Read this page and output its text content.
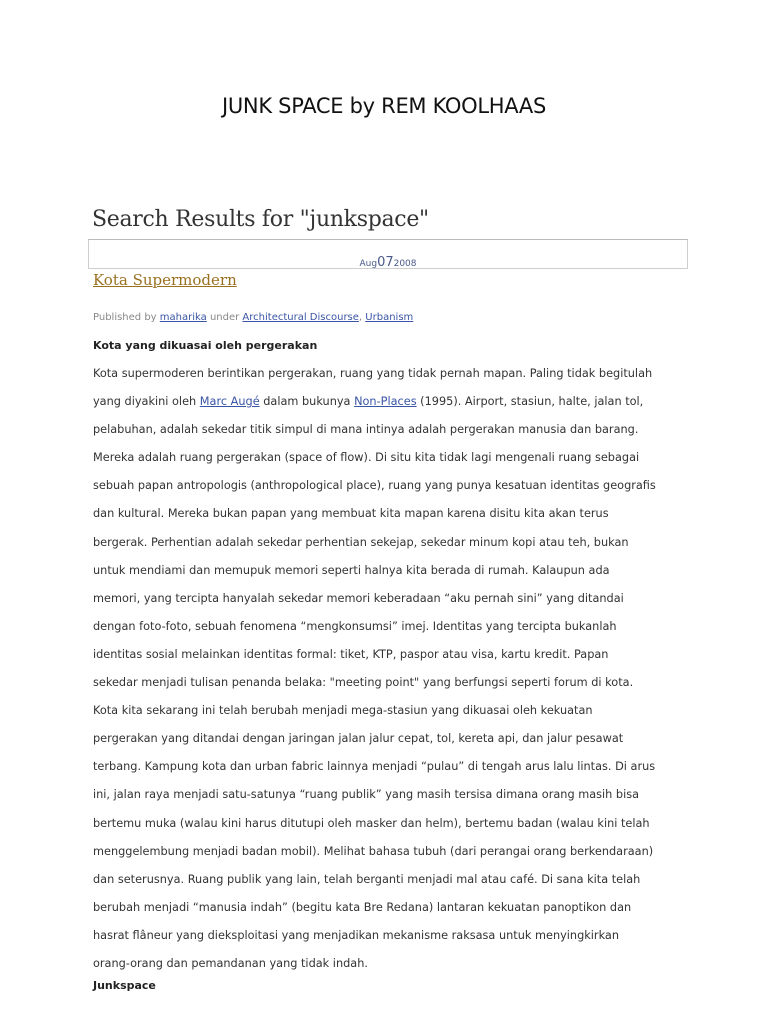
JUNK SPACE by REM KOOLHAAS
Search Results for "junkspace"
Aug072008
Kota Supermodern
Published by maharika under Architectural Discourse, Urbanism
Kota yang dikuasai oleh pergerakan
Kota supermoderen berintikan pergerakan, ruang yang tidak pernah mapan. Paling tidak begitulah
yang diyakini oleh Marc Augé dalam bukunya Non-Places (1995). Airport, stasiun, halte, jalan tol,
pelabuhan, adalah sekedar titik simpul di mana intinya adalah pergerakan manusia dan barang.
Mereka adalah ruang pergerakan (space of flow). Di situ kita tidak lagi mengenali ruang sebagai
sebuah papan antropologis (anthropological place), ruang yang punya kesatuan identitas geografis
dan kultural. Mereka bukan papan yang membuat kita mapan karena disitu kita akan terus
bergerak. Perhentian adalah sekedar perhentian sekejap, sekedar minum kopi atau teh, bukan
untuk mendiami dan memupuk memori seperti halnya kita berada di rumah. Kalaupun ada
memori, yang tercipta hanyalah sekedar memori keberadaan “aku pernah sini” yang ditandai
dengan foto-foto, sebuah fenomena “mengkonsumsi” imej. Identitas yang tercipta bukanlah
identitas sosial melainkan identitas formal: tiket, KTP, paspor atau visa, kartu kredit. Papan
sekedar menjadi tulisan penanda belaka: "meeting point" yang berfungsi seperti forum di kota.
Kota kita sekarang ini telah berubah menjadi mega-stasiun yang dikuasai oleh kekuatan
pergerakan yang ditandai dengan jaringan jalan jalur cepat, tol, kereta api, dan jalur pesawat
terbang. Kampung kota dan urban fabric lainnya menjadi “pulau” di tengah arus lalu lintas. Di arus
ini, jalan raya menjadi satu-satunya “ruang publik” yang masih tersisa dimana orang masih bisa
bertemu muka (walau kini harus ditutupi oleh masker dan helm), bertemu badan (walau kini telah
menggelembung menjadi badan mobil). Melihat bahasa tubuh (dari perangai orang berkendaraan)
dan seterusnya. Ruang publik yang lain, telah berganti menjadi mal atau café. Di sana kita telah
berubah menjadi “manusia indah” (begitu kata Bre Redana) lantaran kekuatan panoptikon dan
hasrat flâneur yang dieksploitasi yang menjadikan mekanisme raksasa untuk menyingkirkan
orang-orang dan pemandanan yang tidak indah.
Junkspace
